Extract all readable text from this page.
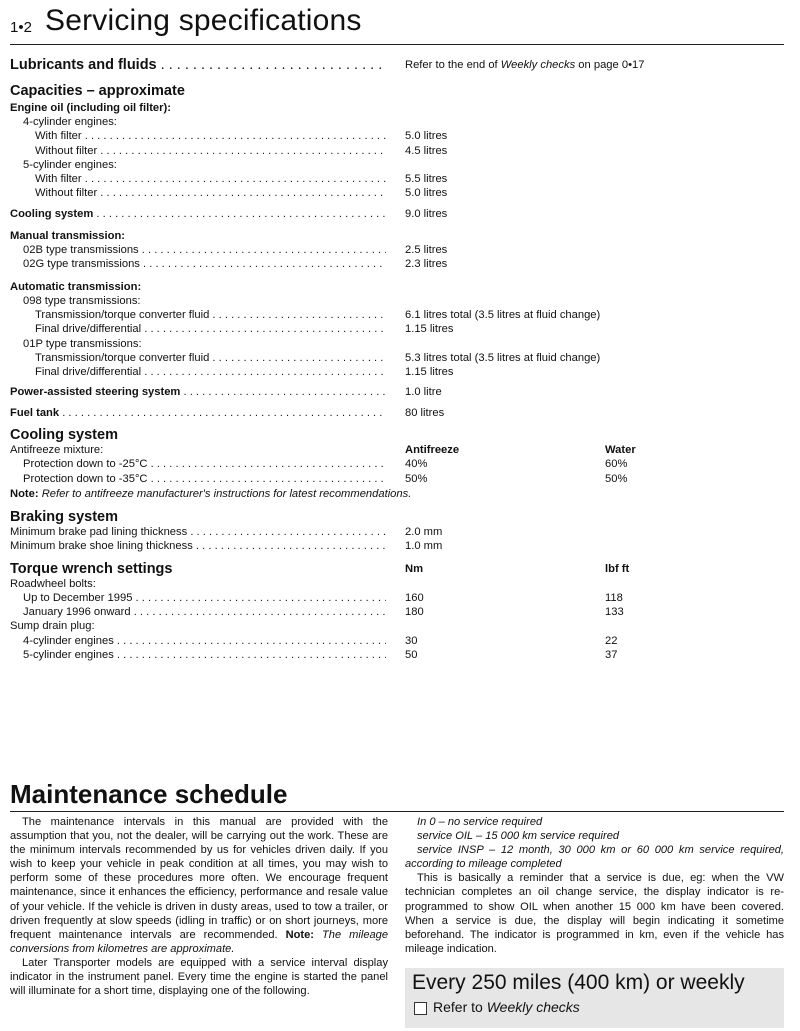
1•2 Servicing specifications
Lubricants and fluids . . .	Refer to the end of Weekly checks on page 0•17
Capacities – approximate
Engine oil (including oil filter):
4-cylinder engines:
With filter . . .	5.0 litres
Without filter . . .	4.5 litres
5-cylinder engines:
With filter . . .	5.5 litres
Without filter . . .	5.0 litres
Cooling system . . .	9.0 litres
Manual transmission:
02B type transmissions . . .	2.5 litres
02G type transmissions . . .	2.3 litres
Automatic transmission:
098 type transmissions:
Transmission/torque converter fluid . . .	6.1 litres total (3.5 litres at fluid change)
Final drive/differential . . .	1.15 litres
01P type transmissions:
Transmission/torque converter fluid . . .	5.3 litres total (3.5 litres at fluid change)
Final drive/differential . . .	1.15 litres
Power-assisted steering system . . .	1.0 litre
Fuel tank . . .	80 litres
Cooling system
Antifreeze mixture:	Antifreeze	Water
Protection down to -25°C . . .	40%	60%
Protection down to -35°C . . .	50%	50%
Note: Refer to antifreeze manufacturer's instructions for latest recommendations.
Braking system
Minimum brake pad lining thickness . . .	2.0 mm
Minimum brake shoe lining thickness . . .	1.0 mm
Torque wrench settings	Nm	lbf ft
Roadwheel bolts:
Up to December 1995 . . .	160	118
January 1996 onward . . .	180	133
Sump drain plug:
4-cylinder engines . . .	30	22
5-cylinder engines . . .	50	37
Maintenance schedule

The maintenance intervals in this manual are provided with the assumption that you, not the dealer, will be carrying out the work. These are the minimum intervals recommended by us for vehicles driven daily. If you wish to keep your vehicle in peak condition at all times, you may wish to perform some of these procedures more often. We encourage frequent maintenance, since it enhances the efficiency, performance and resale value of your vehicle. If the vehicle is driven in dusty areas, used to tow a trailer, or driven frequently at slow speeds (idling in traffic) or on short journeys, more frequent maintenance intervals are recommended. Note: The mileage conversions from kilometres are approximate.

Later Transporter models are equipped with a service interval display indicator in the instrument panel. Every time the engine is started the panel will illuminate for a short time, displaying one of the following.

In 0 – no service required

service OIL – 15 000 km service required

service INSP – 12 month, 30 000 km or 60 000 km service required, according to mileage completed

This is basically a reminder that a service is due, eg: when the VW technician completes an oil change service, the display indicator is re-programmed to show OIL when another 15 000 km have been covered. When a service is due, the display will begin indicating it sometime beforehand. The indicator is programmed in km, even if the vehicle has mileage indication.

Every 250 miles (400 km) or weekly
Refer to Weekly checks
